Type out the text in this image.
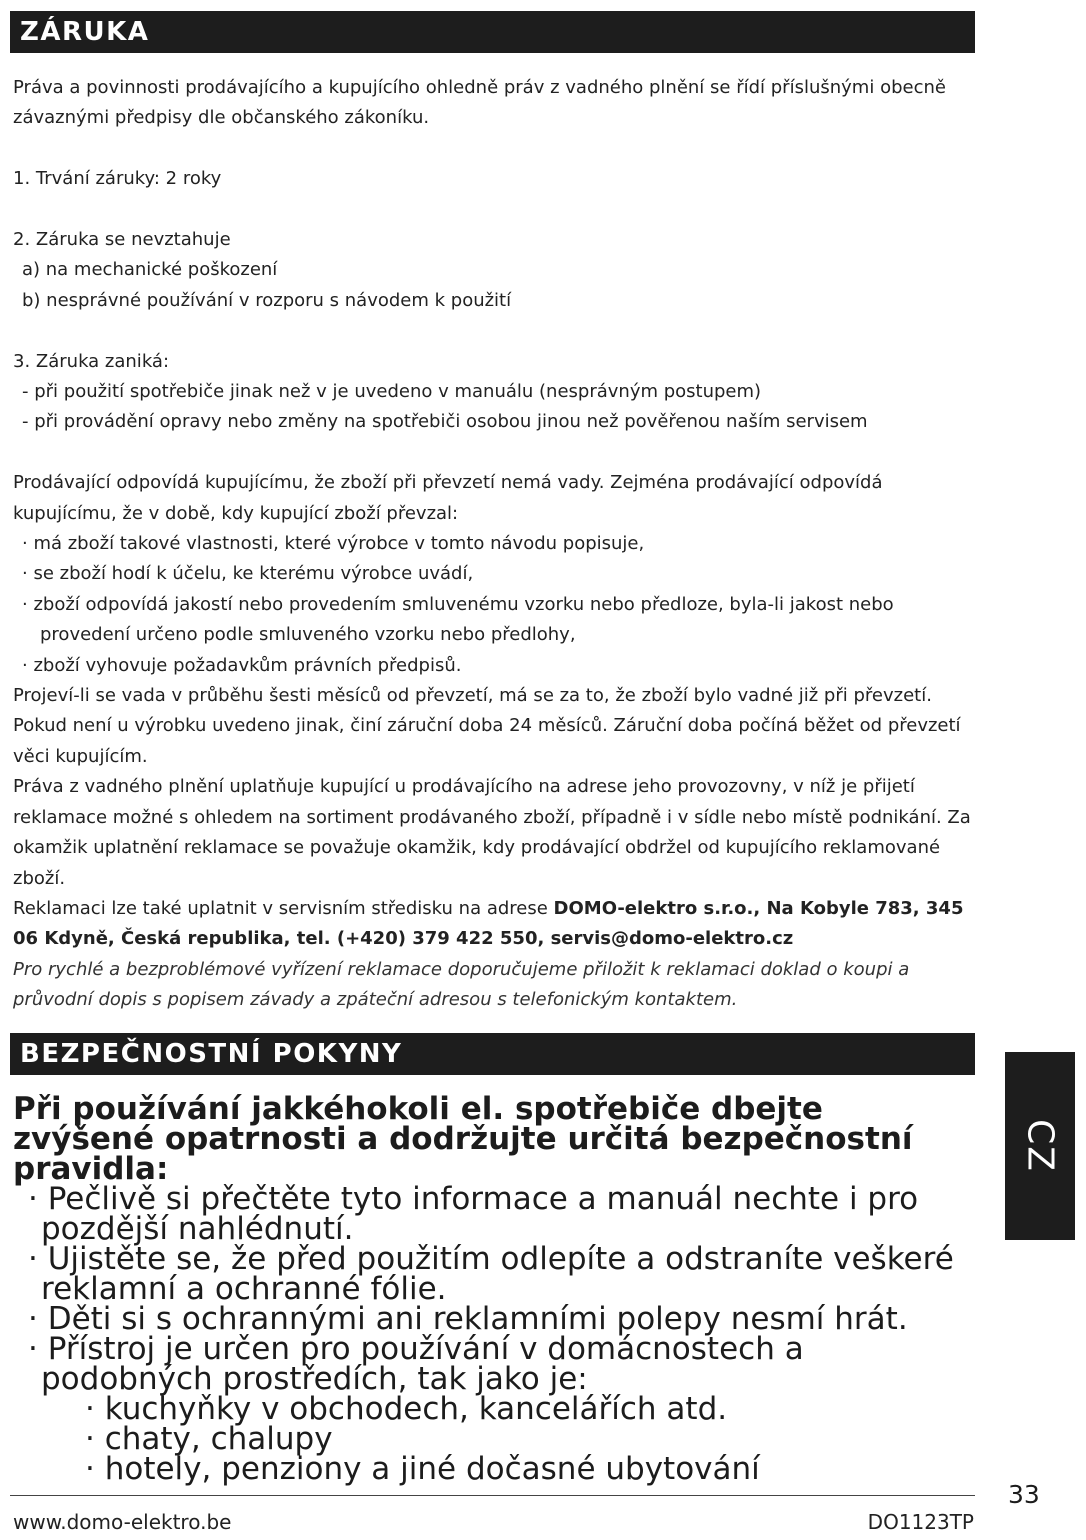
ZÁRUKA

Práva a povinnosti prodávajícího a kupujícího ohledně práv z vadného plnění se řídí příslušnými obecně závaznými předpisy dle občanského zákoníku.

1. Trvání záruky: 2 roky

2. Záruka se nevztahuje

a) na mechanické poškození

b) nesprávné používání v rozporu s návodem k použití

3. Záruka zaniká:

- při použití spotřebiče jinak než v je uvedeno v manuálu (nesprávným postupem)

- při provádění opravy nebo změny na spotřebiči osobou jinou než pověřenou naším servisem

Prodávající odpovídá kupujícímu, že zboží při převzetí nemá vady. Zejména prodávající odpovídá kupujícímu, že v době, kdy kupující zboží převzal:

· má zboží takové vlastnosti, které výrobce v tomto návodu popisuje,

· se zboží hodí k účelu, ke kterému výrobce uvádí,

· zboží odpovídá jakostí nebo provedením smluvenému vzorku nebo předloze, byla-li jakost nebo

provedení určeno podle smluveného vzorku nebo předlohy,

· zboží vyhovuje požadavkům právních předpisů.

Projeví-li se vada v průběhu šesti měsíců od převzetí, má se za to, že zboží bylo vadné již při převzetí.

Pokud není u výrobku uvedeno jinak, činí záruční doba 24 měsíců. Záruční doba počíná běžet od převzetí věci kupujícím.

Práva z vadného plnění uplatňuje kupující u prodávajícího na adrese jeho provozovny, v níž je přijetí reklamace možné s ohledem na sortiment prodávaného zboží, případně i v sídle nebo místě podnikání. Za okamžik uplatnění reklamace se považuje okamžik, kdy prodávající obdržel od kupujícího reklamované zboží.

Reklamaci lze také uplatnit v servisním středisku na adrese DOMO-elektro s.r.o., Na Kobyle 783, 345 06 Kdyně, Česká republika, tel. (+420) 379 422 550, servis@domo-elektro.cz

Pro rychlé a bezproblémové vyřízení reklamace doporučujeme přiložit k reklamaci doklad o koupi a průvodní dopis s popisem závady a zpáteční adresou s telefonickým kontaktem.

BEZPEČNOSTNÍ POKYNY

Při používání jakkéhokoli el. spotřebiče dbejte zvýšené opatrnosti a dodržujte určitá bezpečnostní pravidla:

· Pečlivě si přečtěte tyto informace a manuál nechte i pro pozdější nahlédnutí.

· Ujistěte se, že před použitím odlepíte a odstraníte veškeré reklamní a ochranné fólie.

· Děti si s ochrannými ani reklamními polepy nesmí hrát.

· Přístroj je určen pro používání v domácnostech a podobných prostředích, tak jako je:

· kuchyňky v obchodech, kancelářích atd.

· chaty, chalupy

· hotely, penziony a jiné dočasné ubytování

CZ
33
www.domo-elektro.be	DO1123TP
